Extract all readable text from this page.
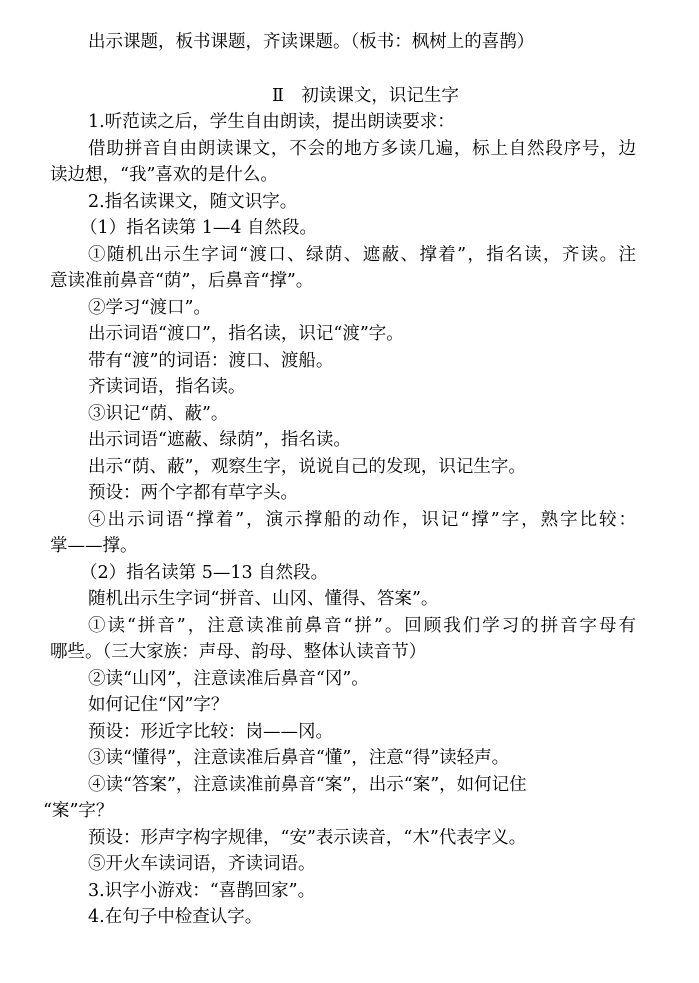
出示课题，板书课题，齐读课题。（板书：枫树上的喜鹊）
Ⅱ　初读课文，识记生字
1.听范读之后，学生自由朗读，提出朗读要求：
借助拼音自由朗读课文，不会的地方多读几遍，标上自然段序号，边
读边想，“我”喜欢的是什么。
2.指名读课文，随文识字。
（1）指名读第 1—4 自然段。
①随机出示生字词“渡口、绿荫、遮蔽、撑着”，指名读，齐读。注
意读准前鼻音“荫”，后鼻音“撑”。
②学习“渡口”。
出示词语“渡口”，指名读，识记“渡”字。
带有“渡”的词语：渡口、渡船。
齐读词语，指名读。
③识记“荫、蔽”。
出示词语“遮蔽、绿荫”，指名读。
出示“荫、蔽”，观察生字，说说自己的发现，识记生字。
预设：两个字都有草字头。
④出示词语“撑着”，演示撑船的动作，识记“撑”字，熟字比较：
掌——撑。
（2）指名读第 5—13 自然段。
随机出示生字词“拼音、山冈、懂得、答案”。
①读“拼音”，注意读准前鼻音“拼”。回顾我们学习的拼音字母有
哪些。（三大家族：声母、韵母、整体认读音节）
②读“山冈”，注意读准后鼻音“冈”。
如何记住“冈”字？
预设：形近字比较：岗——冈。
③读“懂得”，注意读准后鼻音“懂”，注意“得”读轻声。
④读“答案”，注意读准前鼻音“案”，出示“案”，如何记住
“案”字？
预设：形声字构字规律，“安”表示读音，“木”代表字义。
⑤开火车读词语，齐读词语。
3.识字小游戏：“喜鹊回家”。
4.在句子中检查认字。
